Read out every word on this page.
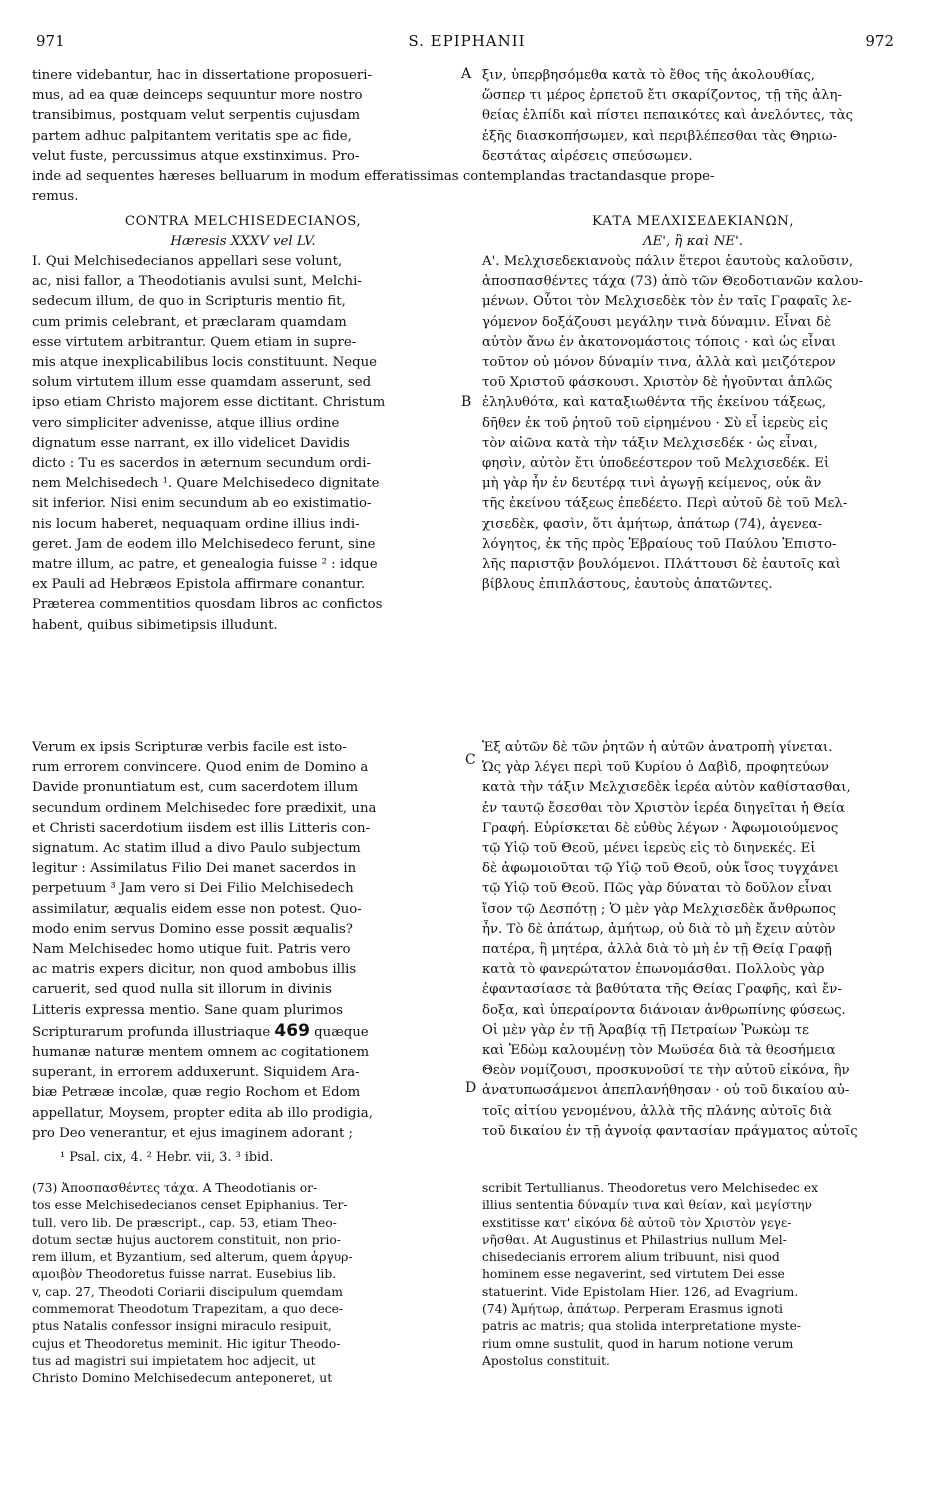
971	S. EPIPHANII	972
tinere videbantur, hac in dissertatione proposueri-
mus, ad ea quæ deinceps sequuntur more nostro
transibimus, postquam velut serpentis cujusdam
partem adhuc palpitantem veritatis spe ac fide,
velut fuste, percussimus atque exstinximus. Pro-
A ξιν, ὑπερβησόμεθα κατὰ τὸ ἔθος τῆς ἀκολουθίας,
ὥσπερ τι μέρος ἑρπετοῦ ἔτι σκαρίζοντος, τῇ τῆς ἀλη-
θείας ἐλπίδι καὶ πίστει πεπαικότες καὶ ἀνελόντες, τὰς
ἑξῆς διασκοπήσωμεν, καὶ περιβλέπεσθαι τὰς Θηριω-
δεστάτας αἱρέσεις σπεύσωμεν.
inde ad sequentes hæreses belluarum in modum efferatissimas contemplandas tractandasque prope-
remus.
CONTRA MELCHISEDECIANOS,
Hæresis XXXV vel LV.
ΚΑΤΑ ΜΕΛΧΙΣΕΔΕΚΙΑΝΩΝ,
ΛΕ', ἢ καὶ ΝΕ'.
I. Qui Melchisedecianos appellari sese volunt,
ac, nisi fallor, a Theodotianis avulsi sunt, Melchi-
sedecum illum, de quo in Scripturis mentio fit,
cum primis celebrant, et præclaram quamdam
esse virtutem arbitrantur. Quem etiam in supre-
mis atque inexplicabilibus locis constituunt. Neque
solum virtutem illum esse quamdam asserunt, sed
ipso etiam Christo majorem esse dictitant. Christum
vero simpliciter advenisse, atque illius ordine
dignatum esse narrant, ex illo videlicet Davidis
dicto : Tu es sacerdos in æternum secundum ordi-
nem Melchisedech ¹. Quare Melchisedeco dignitate
sit inferior. Nisi enim secundum ab eo existimatio-
nis locum haberet, nequaquam ordine illius indi-
geret. Jam de eodem illo Melchisedeco ferunt, sine
matre illum, ac patre, et genealogia fuisse ² : idque
ex Pauli ad Hebræos Epistola affirmare conantur.
Præterea commentitios quosdam libros ac confictos
habent, quibus sibimetipsis illudunt.
B
Α'. Μελχισεδεκιανοὺς πάλιν ἕτεροι ἑαυτοὺς καλοῦσιν,
ἀποσπασθέντες τάχα (73) ἀπὸ τῶν Θεοδοτιανῶν καλου-
μένων. Οὗτοι τὸν Μελχισεδὲκ τὸν ἐν ταῖς Γραφαῖς λε-
γόμενον δοξάζουσι μεγάλην τινὰ δύναμιν. Εἶναι δὲ
αὐτὸν ἄνω ἐν ἀκατονομάστοις τόποις · καὶ ὡς εἶναι
τοῦτον οὐ μόνον δύναμίν τινα, ἀλλὰ καὶ μειζότερον
τοῦ Χριστοῦ φάσκουσι. Χριστὸν δὲ ἡγοῦνται ἁπλῶς
ἐληλυθότα, καὶ καταξιωθέντα τῆς ἐκείνου τάξεως,
δῆθεν ἐκ τοῦ ῥητοῦ τοῦ εἰρημένου · Σὺ εἶ ἱερεὺς εἰς
τὸν αἰῶνα κατὰ τὴν τάξιν Μελχισεδέκ · ὡς εἶναι,
φησὶν, αὐτὸν ἔτι ὑποδεέστερον τοῦ Μελχισεδέκ. Εἰ
μὴ γὰρ ἦν ἐν δευτέρᾳ τινὶ ἀγωγῇ κείμενος, οὐκ ἂν
τῆς ἐκείνου τάξεως ἐπεδέετο. Περὶ αὐτοῦ δὲ τοῦ Μελ-
χισεδὲκ, φασὶν, ὅτι ἀμήτωρ, ἀπάτωρ (74), ἀγενεα-
λόγητος, ἐκ τῆς πρὸς Ἑβραίους τοῦ Παύλου Ἐπιστο-
λῆς παριστᾷν βουλόμενοι. Πλάττουσι δὲ ἑαυτοῖς καὶ
βίβλους ἐπιπλάστους, ἑαυτοὺς ἀπατῶντες.
Verum ex ipsis Scripturæ verbis facile est isto-
rum errorem convincere. Quod enim de Domino a
Davide pronuntiatum est, cum sacerdotem illum
secundum ordinem Melchisedec fore prædixit, una
et Christi sacerdotium iisdem est illis Litteris con-
signatum. Ac statim illud a divo Paulo subjectum
legitur : Assimilatus Filio Dei manet sacerdos in
perpetuum ³ Jam vero si Dei Filio Melchisedech
assimilatur, æqualis eidem esse non potest. Quo-
modo enim servus Domino esse possit æqualis?
Nam Melchisedec homo utique fuit. Patris vero
ac matris expers dicitur, non quod ambobus illis
caruerit, sed quod nulla sit illorum in divinis
Litteris expressa mentio. Sane quam plurimos
Scripturarum profunda illustriaque 469 quæque
humanæ naturæ mentem omnem ac cogitationem
superant, in errorem adduxerunt. Siquidem Ara-
biæ Petrææ incolæ, quæ regio Rochom et Edom
appellatur, Moysem, propter edita ab illo prodigia,
pro Deo venerantur, et ejus imaginem adorant ;
C
D
Ἐξ αὐτῶν δὲ τῶν ῥητῶν ἡ αὐτῶν ἀνατροπὴ γίνεται.
Ὡς γὰρ λέγει περὶ τοῦ Κυρίου ὁ Δαβὶδ, προφητεύων
κατὰ τὴν τάξιν Μελχισεδὲκ ἱερέα αὐτὸν καθίστασθαι,
ἐν ταυτῷ ἔσεσθαι τὸν Χριστὸν ἱερέα διηγεῖται ἡ Θεία
Γραφή. Εὑρίσκεται δὲ εὐθὺς λέγων · Ἀφωμοιούμενος
τῷ Υἱῷ τοῦ Θεοῦ, μένει ἱερεὺς εἰς τὸ διηνεκές. Εἰ
δὲ ἀφωμοιοῦται τῷ Υἱῷ τοῦ Θεοῦ, οὐκ ἴσος τυγχάνει
τῷ Υἱῷ τοῦ Θεοῦ. Πῶς γὰρ δύναται τὸ δοῦλον εἶναι
ἴσον τῷ Δεσπότῃ ; Ὁ μὲν γὰρ Μελχισεδὲκ ἄνθρωπος
ἦν. Τὸ δὲ ἀπάτωρ, ἀμήτωρ, οὐ διὰ τὸ μὴ ἔχειν αὐτὸν
πατέρα, ἢ μητέρα, ἀλλὰ διὰ τὸ μὴ ἐν τῇ Θείᾳ Γραφῇ
κατὰ τὸ φανερώτατον ἐπωνομάσθαι. Πολλοὺς γὰρ
ἐφαντασίασε τὰ βαθύτατα τῆς Θείας Γραφῆς, καὶ ἔν-
δοξα, καὶ ὑπεραίροντα διάνοιαν ἀνθρωπίνης φύσεως.
Οἱ μὲν γὰρ ἐν τῇ Ἀραβίᾳ τῇ Πετραίων Ῥωκὼμ τε
καὶ Ἐδὼμ καλουμένῃ τὸν Μωϋσέα διὰ τὰ θεοσήμεια
Θεὸν νομίζουσι, προσκυνοῦσί τε τὴν αὐτοῦ εἰκόνα, ἣν
ἀνατυπωσάμενοι ἀπεπλανήθησαν · οὐ τοῦ δικαίου αὐ-
τοῖς αἰτίου γενομένου, ἀλλὰ τῆς πλάνης αὐτοῖς διὰ
τοῦ δικαίου ἐν τῇ ἀγνοίᾳ φαντασίαν πράγματος αὐτοῖς
¹ Psal. cix, 4. ² Hebr. vii, 3. ³ ibid.
(73) Ἀποσπασθέντες τάχα. A Theodotianis or-
tos esse Melchisedecianos censet Epiphanius. Ter-
tull. vero lib. De præscript., cap. 53, etiam Theo-
dotum sectæ hujus auctorem constituit, non prio-
rem illum, et Byzantium, sed alterum, quem ἀργυρ-
αμοιβὸν Theodoretus fuisse narrat. Eusebius lib.
v, cap. 27, Theodoti Coriarii discipulum quemdam
commemorat Theodotum Trapezitam, a quo dece-
ptus Natalis confessor insigni miraculo resipuit,
cujus et Theodoretus meminit. Hic igitur Theodo-
tus ad magistri sui impietatem hoc adjecit, ut
Christo Domino Melchisedecum anteponeret, ut
scribit Tertullianus. Theodoretus vero Melchisedec ex
illius sententia δύναμίν τινα καὶ θείαν, καὶ μεγίστην
exstitisse κατ' εἰκόνα δὲ αὐτοῦ τὸν Χριστὸν γεγε-
νῆσθαι. At Augustinus et Philastrius nullum Mel-
chisedecianis errorem alium tribuunt, nisi quod
hominem esse negaverint, sed virtutem Dei esse
statuerint. Vide Epistolam Hier. 126, ad Evagrium.
(74) Ἀμήτωρ, ἀπάτωρ. Perperam Erasmus ignoti
patris ac matris; qua stolida interpretatione myste-
rium omne sustulit, quod in harum notione verum
Apostolus constituit.
